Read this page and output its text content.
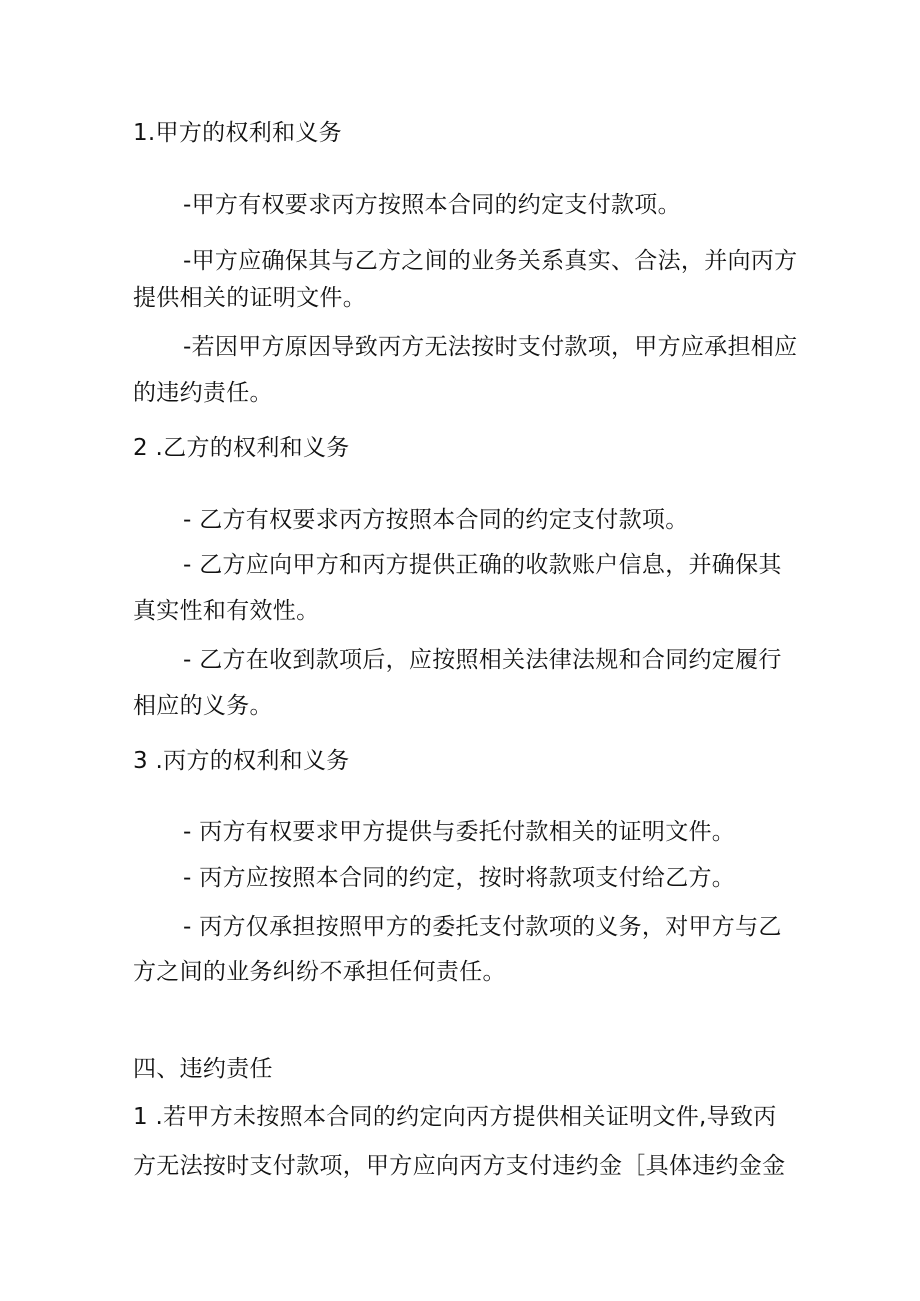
1.甲方的权利和义务
-甲方有权要求丙方按照本合同的约定支付款项。
-甲方应确保其与乙方之间的业务关系真实、合法，并向丙方
提供相关的证明文件。
-若因甲方原因导致丙方无法按时支付款项，甲方应承担相应
的违约责任。
2 .乙方的权利和义务
- 乙方有权要求丙方按照本合同的约定支付款项。
- 乙方应向甲方和丙方提供正确的收款账户信息，并确保其
真实性和有效性。
- 乙方在收到款项后，应按照相关法律法规和合同约定履行
相应的义务。
3 .丙方的权利和义务
- 丙方有权要求甲方提供与委托付款相关的证明文件。
- 丙方应按照本合同的约定，按时将款项支付给乙方。
- 丙方仅承担按照甲方的委托支付款项的义务，对甲方与乙
方之间的业务纠纷不承担任何责任。
四、违约责任
1 .若甲方未按照本合同的约定向丙方提供相关证明文件,导致丙
方无法按时支付款项，甲方应向丙方支付违约金［具体违约金金
